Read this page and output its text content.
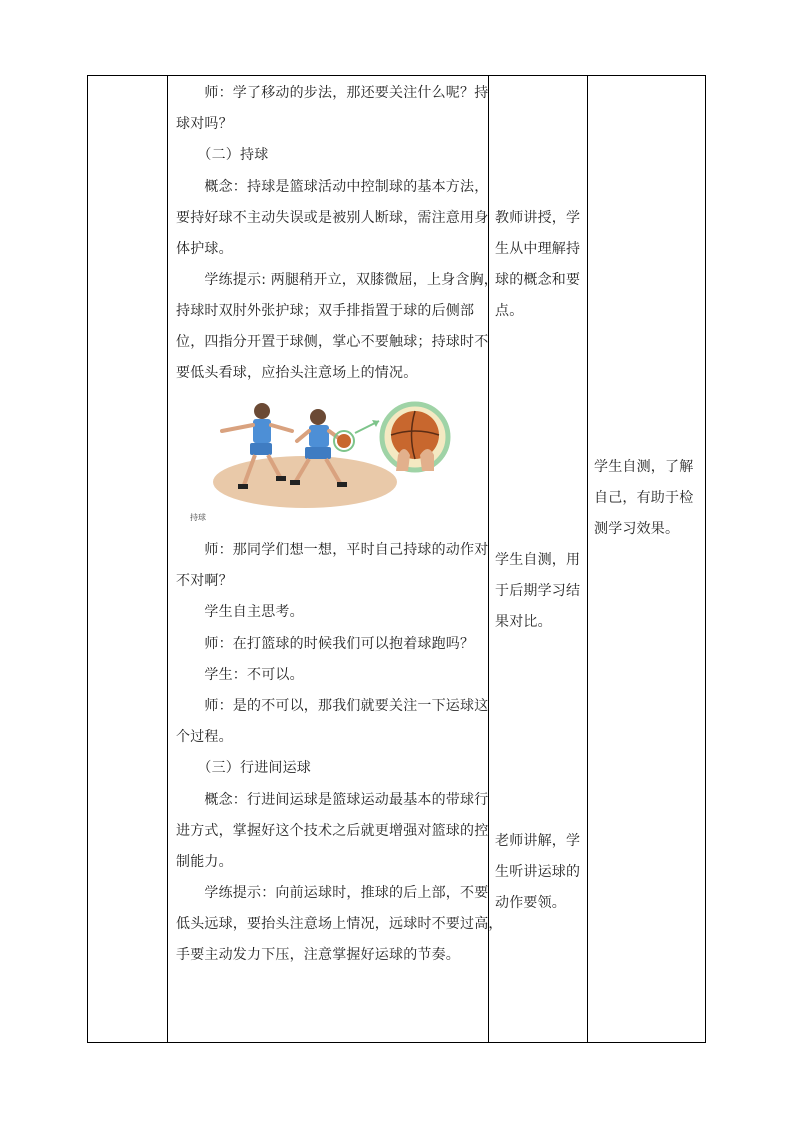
　　师：学了移动的步法，那还要关注什么呢？持
球对吗？
　　（二）持球
　　概念：持球是篮球活动中控制球的基本方法，
要持好球不主动失误或是被别人断球，需注意用身
体护球。
　　学练提示: 两腿稍开立，双膝微屈，上身含胸，
持球时双肘外张护球；双手排指置于球的后侧部
位，四指分开置于球侧，掌心不要触球；持球时不
要低头看球，应抬头注意场上的情况。
持球
　　师：那同学们想一想，平时自己持球的动作对
不对啊？
　　学生自主思考。
　　师：在打篮球的时候我们可以抱着球跑吗？
　　学生：不可以。
　　师：是的不可以，那我们就要关注一下运球这
个过程。
　　（三）行进间运球
　　概念：行进间运球是篮球运动最基本的带球行
进方式，掌握好这个技术之后就更增强对篮球的控
制能力。
　　学练提示：向前运球时，推球的后上部，不要
低头远球，要抬头注意场上情况，远球时不要过高，
手要主动发力下压，注意掌握好运球的节奏。
教师讲授，学
生从中理解持
球的概念和要
点。
学生自测，用
于后期学习结
果对比。
老师讲解，学
生听讲运球的
动作要领。
学生自测，了解
自己，有助于检
测学习效果。
